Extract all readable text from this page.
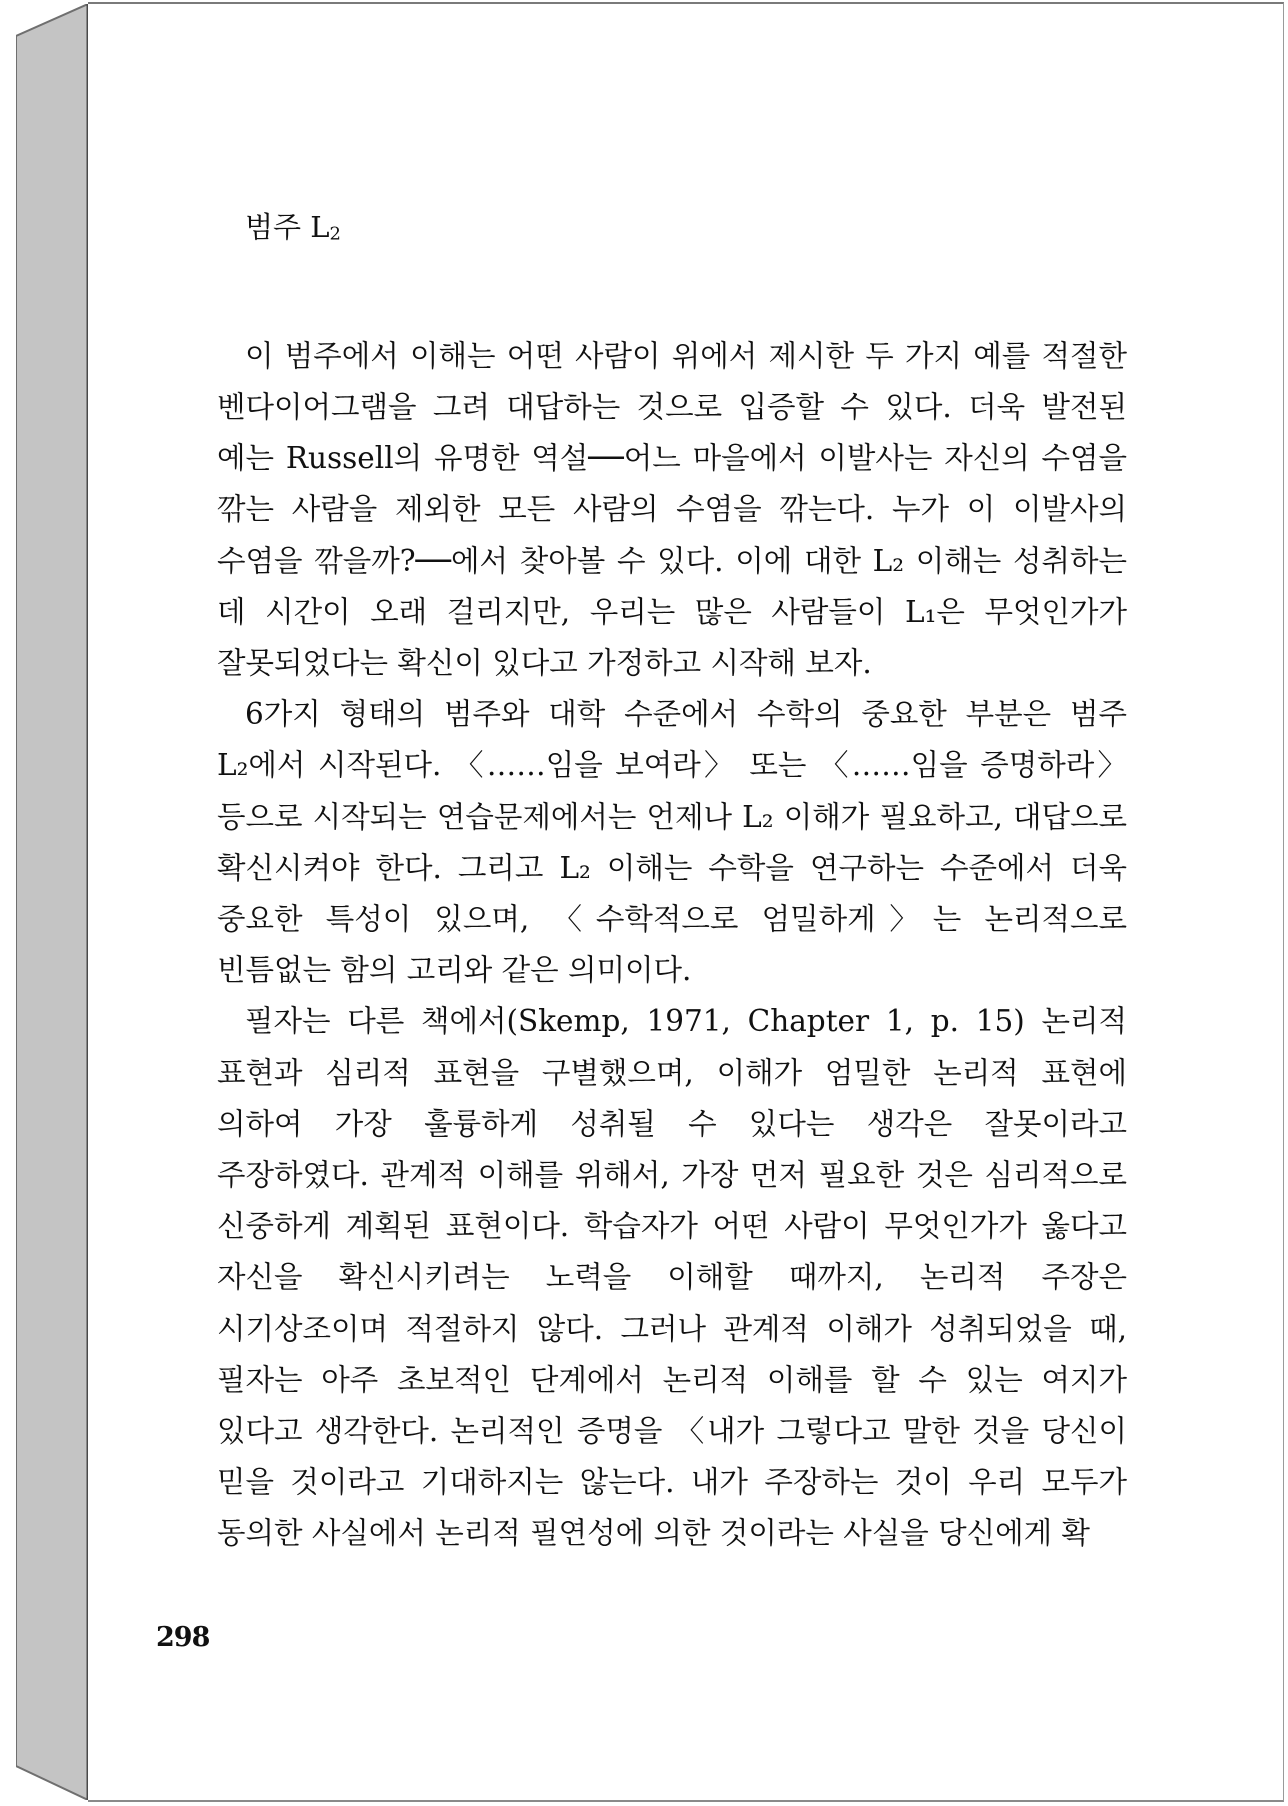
범주 $L_2$

이 범주에서 이해는 어떤 사람이 위에서 제시한 두 가지 예를 적절한 벤다이어그램을 그려 대답하는 것으로 입증할 수 있다. 더욱 발전된 예는 Russell의 유명한 역설──어느 마을에서 이발사는 자신의 수염을 깎는 사람을 제외한 모든 사람의 수염을 깎는다. 누가 이 이발사의 수염을 깎을까?──에서 찾아볼 수 있다. 이에 대한 L₂ 이해는 성취하는 데 시간이 오래 걸리지만, 우리는 많은 사람들이 L₁은 무엇인가가 잘못되었다는 확신이 있다고 가정하고 시작해 보자.

6가지 형태의 범주와 대학 수준에서 수학의 중요한 부분은 범주 L₂에서 시작된다. 〈……임을 보여라〉 또는 〈……임을 증명하라〉 등으로 시작되는 연습문제에서는 언제나 L₂ 이해가 필요하고, 대답으로 확신시켜야 한다. 그리고 L₂ 이해는 수학을 연구하는 수준에서 더욱 중요한 특성이 있으며, 〈수학적으로 엄밀하게〉는 논리적으로 빈틈없는 함의 고리와 같은 의미이다.

필자는 다른 책에서(Skemp, 1971, Chapter 1, p. 15) 논리적 표현과 심리적 표현을 구별했으며, 이해가 엄밀한 논리적 표현에 의하여 가장 훌륭하게 성취될 수 있다는 생각은 잘못이라고 주장하였다. 관계적 이해를 위해서, 가장 먼저 필요한 것은 심리적으로 신중하게 계획된 표현이다. 학습자가 어떤 사람이 무엇인가가 옳다고 자신을 확신시키려는 노력을 이해할 때까지, 논리적 주장은 시기상조이며 적절하지 않다. 그러나 관계적 이해가 성취되었을 때, 필자는 아주 초보적인 단계에서 논리적 이해를 할 수 있는 여지가 있다고 생각한다. 논리적인 증명을 〈내가 그렇다고 말한 것을 당신이 믿을 것이라고 기대하지는 않는다. 내가 주장하는 것이 우리 모두가 동의한 사실에서 논리적 필연성에 의한 것이라는 사실을 당신에게 확

298
